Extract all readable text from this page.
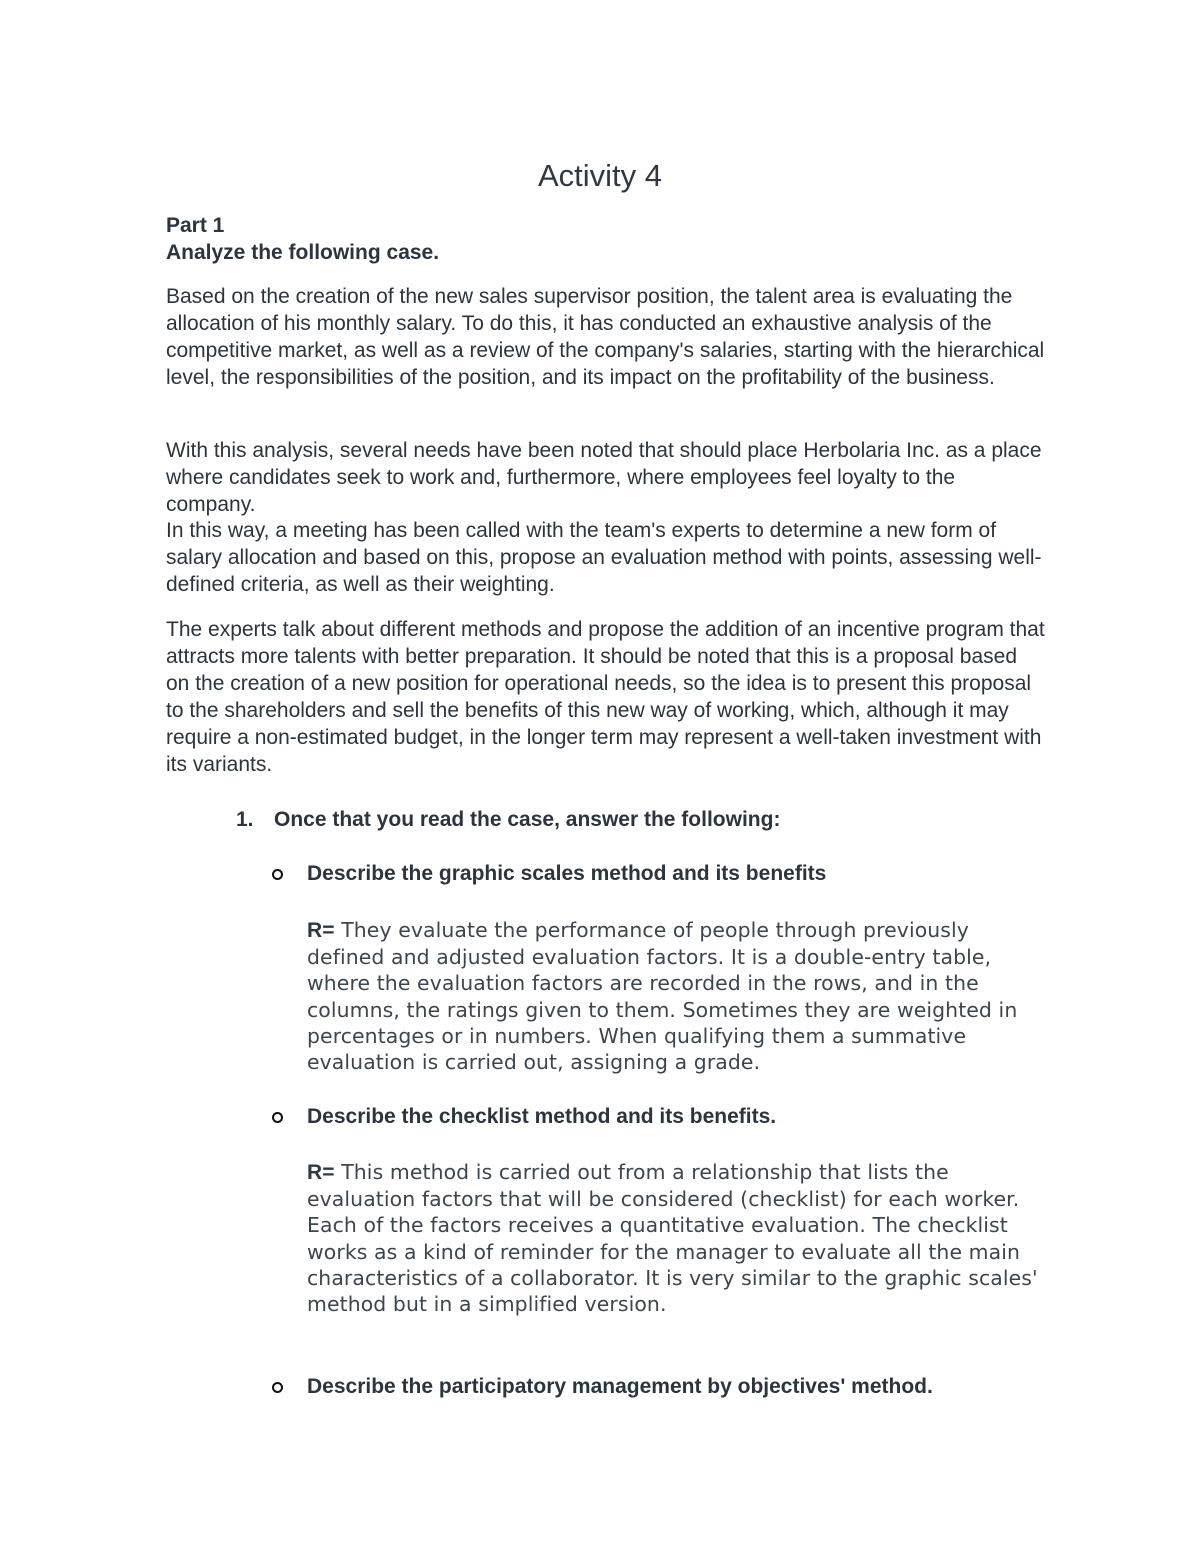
Activity 4
Part 1
Analyze the following case.

Based on the creation of the new sales supervisor position, the talent area is evaluating the allocation of his monthly salary. To do this, it has conducted an exhaustive analysis of the competitive market, as well as a review of the company's salaries, starting with the hierarchical level, the responsibilities of the position, and its impact on the profitability of the business.

With this analysis, several needs have been noted that should place Herbolaria Inc. as a place where candidates seek to work and, furthermore, where employees feel loyalty to the company.

In this way, a meeting has been called with the team's experts to determine a new form of salary allocation and based on this, propose an evaluation method with points, assessing well-defined criteria, as well as their weighting.

The experts talk about different methods and propose the addition of an incentive program that attracts more talents with better preparation. It should be noted that this is a proposal based on the creation of a new position for operational needs, so the idea is to present this proposal to the shareholders and sell the benefits of this new way of working, which, although it may require a non-estimated budget, in the longer term may represent a well-taken investment with its variants.

1. Once that you read the case, answer the following:
Describe the graphic scales method and its benefits

R= They evaluate the performance of people through previously defined and adjusted evaluation factors. It is a double-entry table, where the evaluation factors are recorded in the rows, and in the columns, the ratings given to them. Sometimes they are weighted in percentages or in numbers. When qualifying them a summative evaluation is carried out, assigning a grade.

Describe the checklist method and its benefits.

R= This method is carried out from a relationship that lists the evaluation factors that will be considered (checklist) for each worker. Each of the factors receives a quantitative evaluation. The checklist works as a kind of reminder for the manager to evaluate all the main characteristics of a collaborator. It is very similar to the graphic scales' method but in a simplified version.

Describe the participatory management by objectives' method.
